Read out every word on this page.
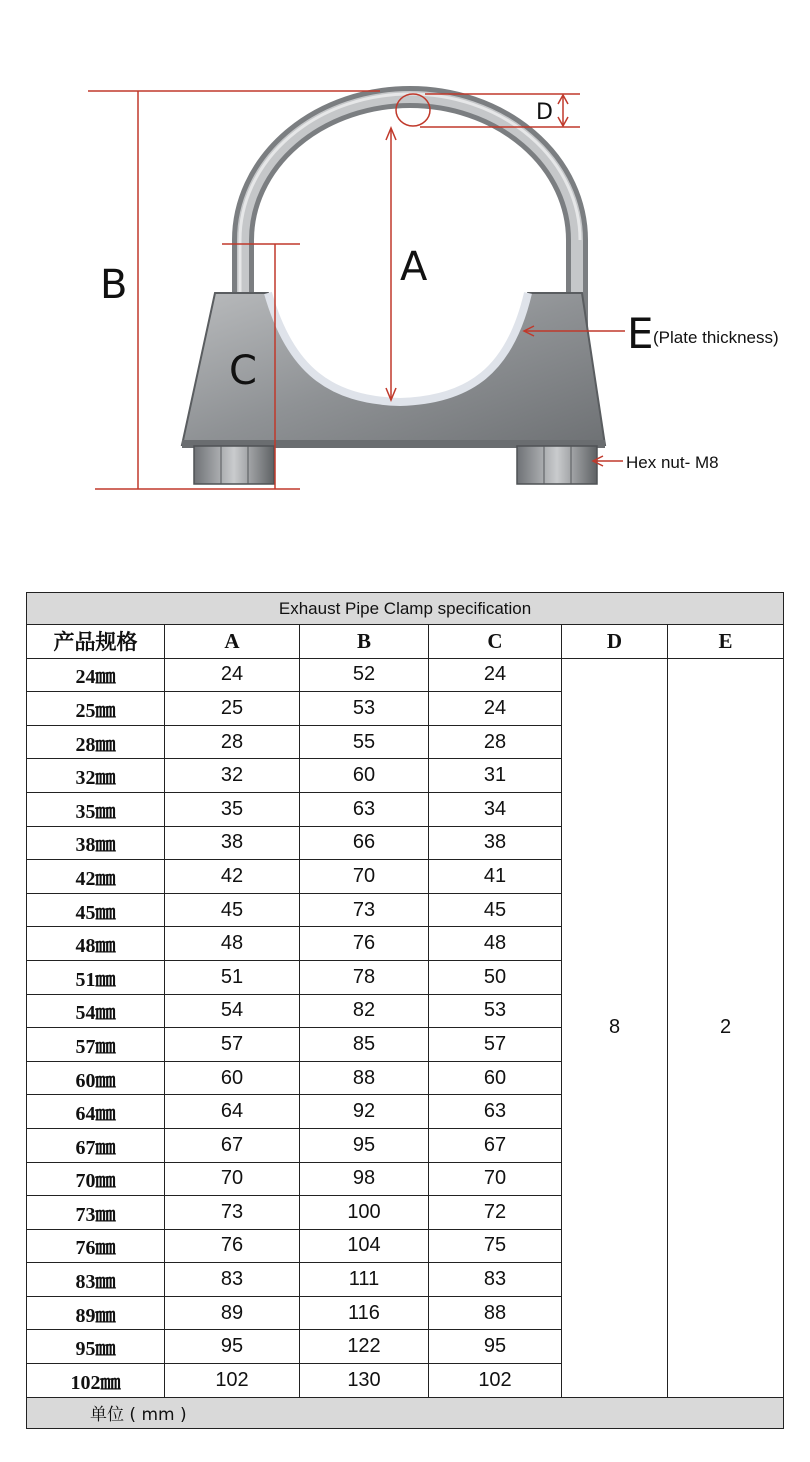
B	A
C
D
E (Plate thickness)
Hex nut- M8
Exhaust Pipe Clamp specification					
产品规格	A	B	C	D	E
24㎜	24	52	24	8	2
25㎜	25	53	24		
28㎜	28	55	28		
32㎜	32	60	31		
35㎜	35	63	34		
38㎜	38	66	38		
42㎜	42	70	41		
45㎜	45	73	45		
48㎜	48	76	48		
51㎜	51	78	50		
54㎜	54	82	53		
57㎜	57	85	57		
60㎜	60	88	60		
64㎜	64	92	63		
67㎜	67	95	67		
70㎜	70	98	70		
73㎜	73	100	72		
76㎜	76	104	75		
83㎜	83	111	83		
89㎜	89	116	88		
95㎜	95	122	95		
102㎜	102	130	102		
单位 ( mm )					
